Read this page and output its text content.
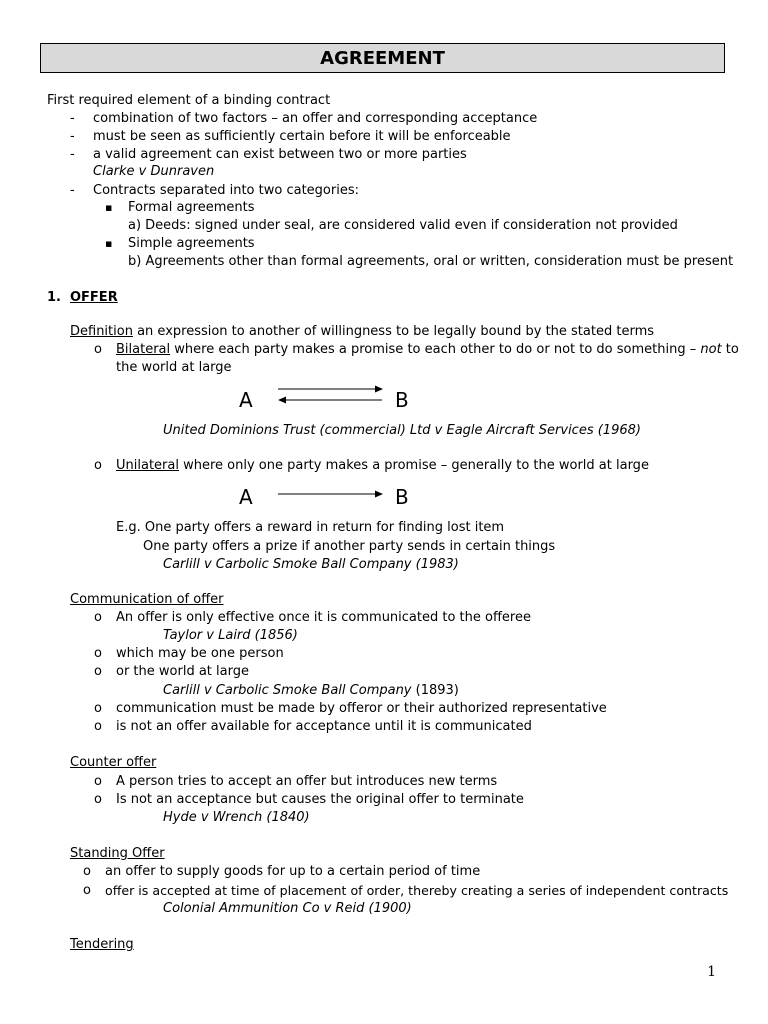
AGREEMENT
First required element of a binding contract
- combination of two factors – an offer and corresponding acceptance
- must be seen as sufficiently certain before it will be enforceable
- a valid agreement can exist between two or more parties
Clarke v Dunraven
- Contracts separated into two categories:
▪ Formal agreements
a) Deeds: signed under seal, are considered valid even if consideration not provided
▪ Simple agreements
b) Agreements other than formal agreements, oral or written, consideration must be present
1. OFFER
Definition an expression to another of willingness to be legally bound by the stated terms
o Bilateral where each party makes a promise to each other to do or not to do something – not to
the world at large
A	B
United Dominions Trust (commercial) Ltd v Eagle Aircraft Services (1968)
o Unilateral where only one party makes a promise – generally to the world at large
A	B
E.g. One party offers a reward in return for finding lost item
One party offers a prize if another party sends in certain things
Carlill v Carbolic Smoke Ball Company (1983)
Communication of offer
o An offer is only effective once it is communicated to the offeree
Taylor v Laird (1856)
o which may be one person
o or the world at large
Carlill v Carbolic Smoke Ball Company (1893)
o communication must be made by offeror or their authorized representative
o is not an offer available for acceptance until it is communicated
Counter offer
o A person tries to accept an offer but introduces new terms
o Is not an acceptance but causes the original offer to terminate
Hyde v Wrench (1840)
Standing Offer
o an offer to supply goods for up to a certain period of time
o offer is accepted at time of placement of order, thereby creating a series of independent contracts
Colonial Ammunition Co v Reid (1900)
Tendering
1
